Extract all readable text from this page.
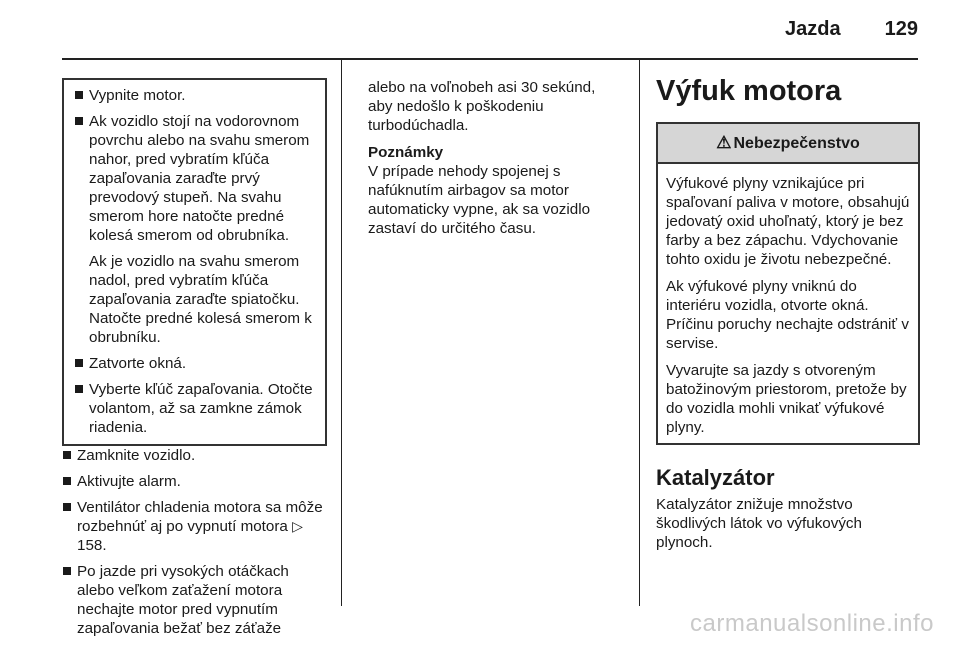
Jazda 129
Vypnite motor.
Ak vozidlo stojí na vodorovnom povrchu alebo na svahu smerom nahor, pred vybratím kľúča zapaľovania zaraďte prvý prevodový stupeň. Na svahu smerom hore natočte predné kolesá smerom od obrubníka.
Ak je vozidlo na svahu smerom nadol, pred vybratím kľúča zapaľovania zaraďte spiatočku. Natočte predné kolesá smerom k obrubníku.
Zatvorte okná.
Vyberte kľúč zapaľovania. Otočte volantom, až sa zamkne zámok riadenia.
Zamknite vozidlo.
Aktivujte alarm.
Ventilátor chladenia motora sa môže rozbehnúť aj po vypnutí motora ▷ 158.
Po jazde pri vysokých otáčkach alebo veľkom zaťažení motora nechajte motor pred vypnutím zapaľovania bežať bez záťaže

alebo na voľnobeh asi 30 sekúnd, aby nedošlo k poškodeniu turbodúchadla.

Poznámky

V prípade nehody spojenej s nafúknutím airbagov sa motor automaticky vypne, ak sa vozidlo zastaví do určitého času.

Výfuk motora
⚠ Nebezpečenstvo

Výfukové plyny vznikajúce pri spaľovaní paliva v motore, obsahujú jedovatý oxid uhoľnatý, ktorý je bez farby a bez zápachu. Vdychovanie tohto oxidu je životu nebezpečné.

Ak výfukové plyny vniknú do interiéru vozidla, otvorte okná. Príčinu poruchy nechajte odstrániť v servise.

Vyvarujte sa jazdy s otvoreným batožinovým priestorom, pretože by do vozidla mohli vnikať výfukové plyny.

Katalyzátor

Katalyzátor znižuje množstvo škodlivých látok vo výfukových plynoch.

carmanualsonline.info
